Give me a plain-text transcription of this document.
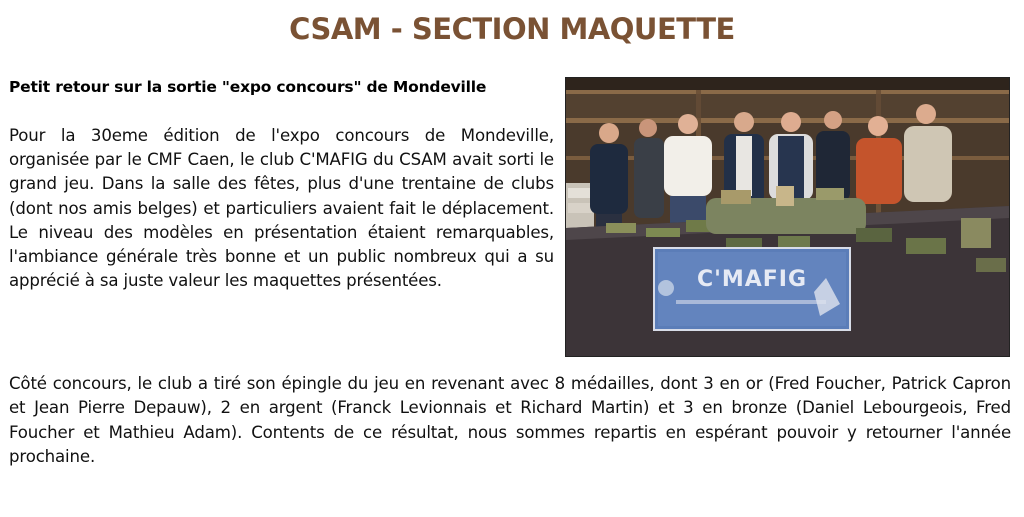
CSAM - SECTION MAQUETTE
Petit retour sur la sortie "expo concours" de Mondeville
Pour la 30eme édition de l'expo concours de Mondeville, organisée par le CMF Caen, le club C'MAFIG du CSAM avait sorti le grand jeu. Dans la salle des fêtes, plus d'une trentaine de clubs (dont nos amis belges) et particuliers avaient fait le déplacement. Le niveau des modèles en présentation étaient remarquables, l'ambiance générale très bonne et un public nombreux qui a su apprécié à sa juste valeur les maquettes présentées.	C'MAFIG
Côté concours, le club a tiré son épingle du jeu en revenant avec 8 médailles, dont 3 en or (Fred Foucher, Patrick Capron et Jean Pierre Depauw), 2 en argent (Franck Levionnais et Richard Martin) et 3 en bronze (Daniel Lebourgeois, Fred Foucher et Mathieu Adam). Contents de ce résultat, nous sommes repartis en espérant pouvoir y retourner l'année prochaine.
